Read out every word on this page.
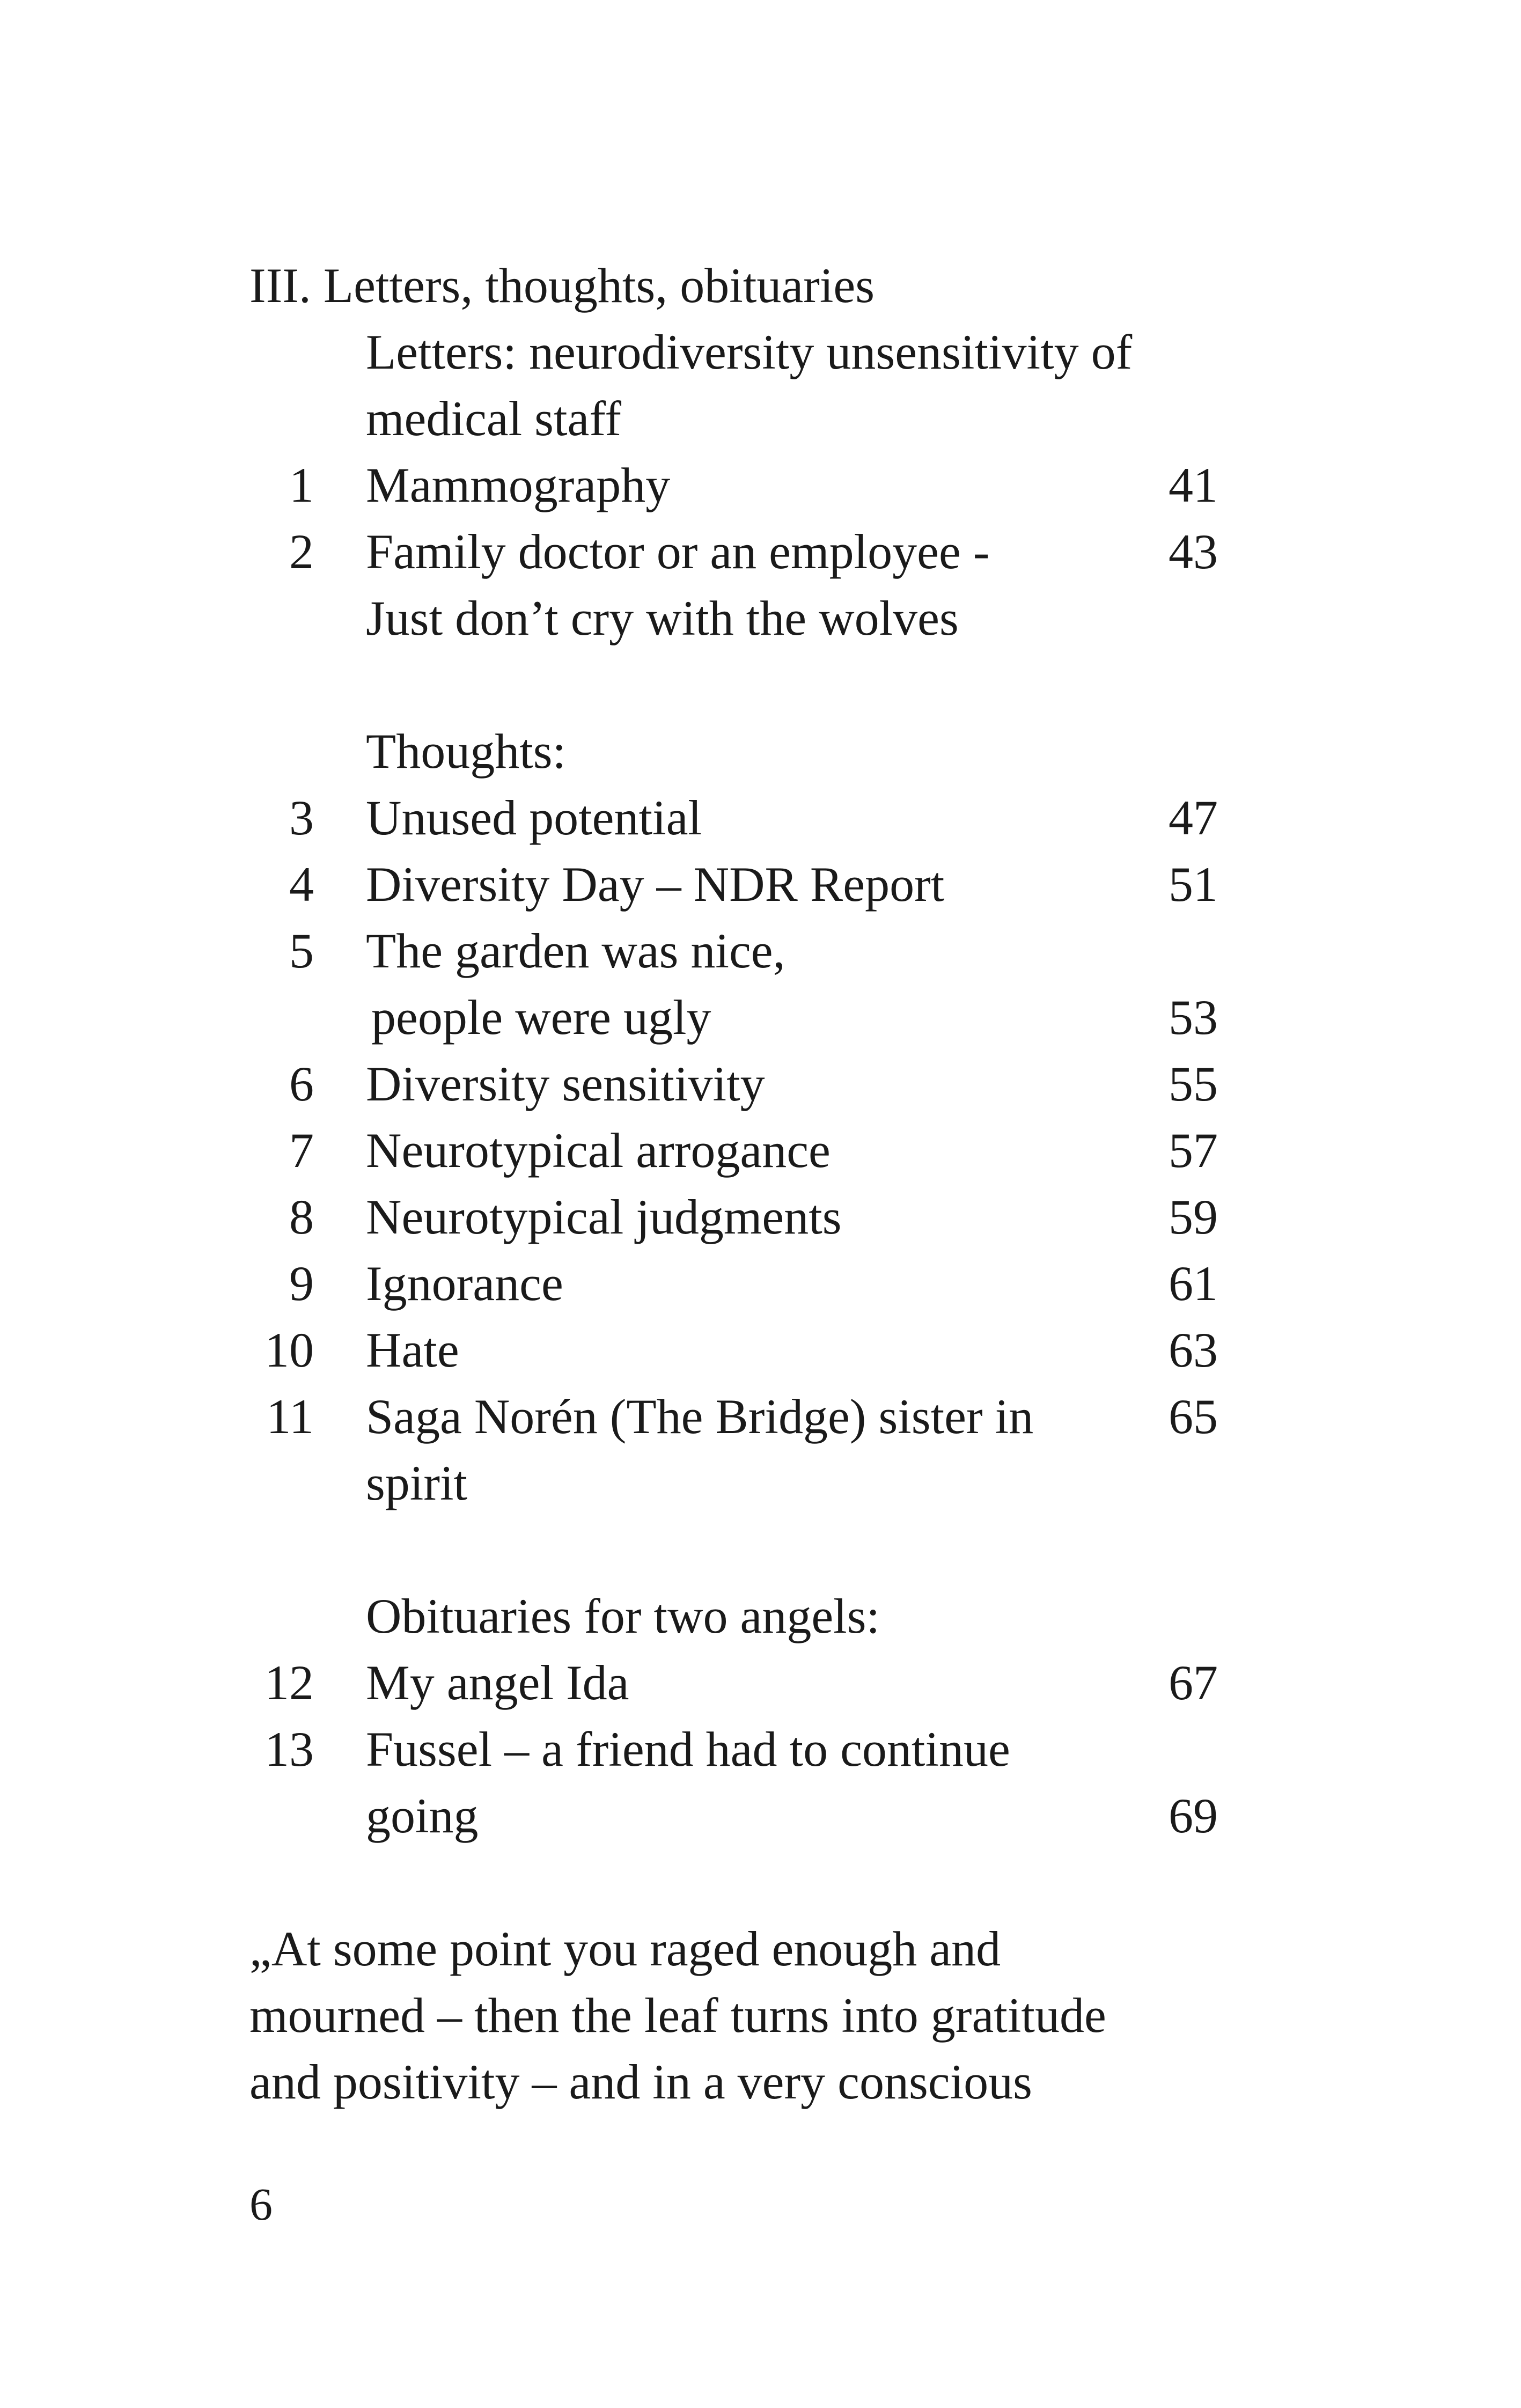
III. Letters, thoughts, obituaries
Letters: neurodiversity unsensitivity of
medical staff
1 Mammography	41
2 Family doctor or an employee -	43
Just don’t cry with the wolves
Thoughts:
3 Unused potential	47
4 Diversity Day – NDR Report	51
5 The garden was nice,
people were ugly	53
6 Diversity sensitivity	55
7 Neurotypical arrogance	57
8 Neurotypical judgments	59
9 Ignorance	61
10 Hate	63
11 Saga Norén (The Bridge) sister in	65
spirit
Obituaries for two angels:
12 My angel Ida	67
13 Fussel – a friend had to continue
going	69
„At some point you raged enough and
mourned – then the leaf turns into gratitude
and positivity – and in a very conscious
6
